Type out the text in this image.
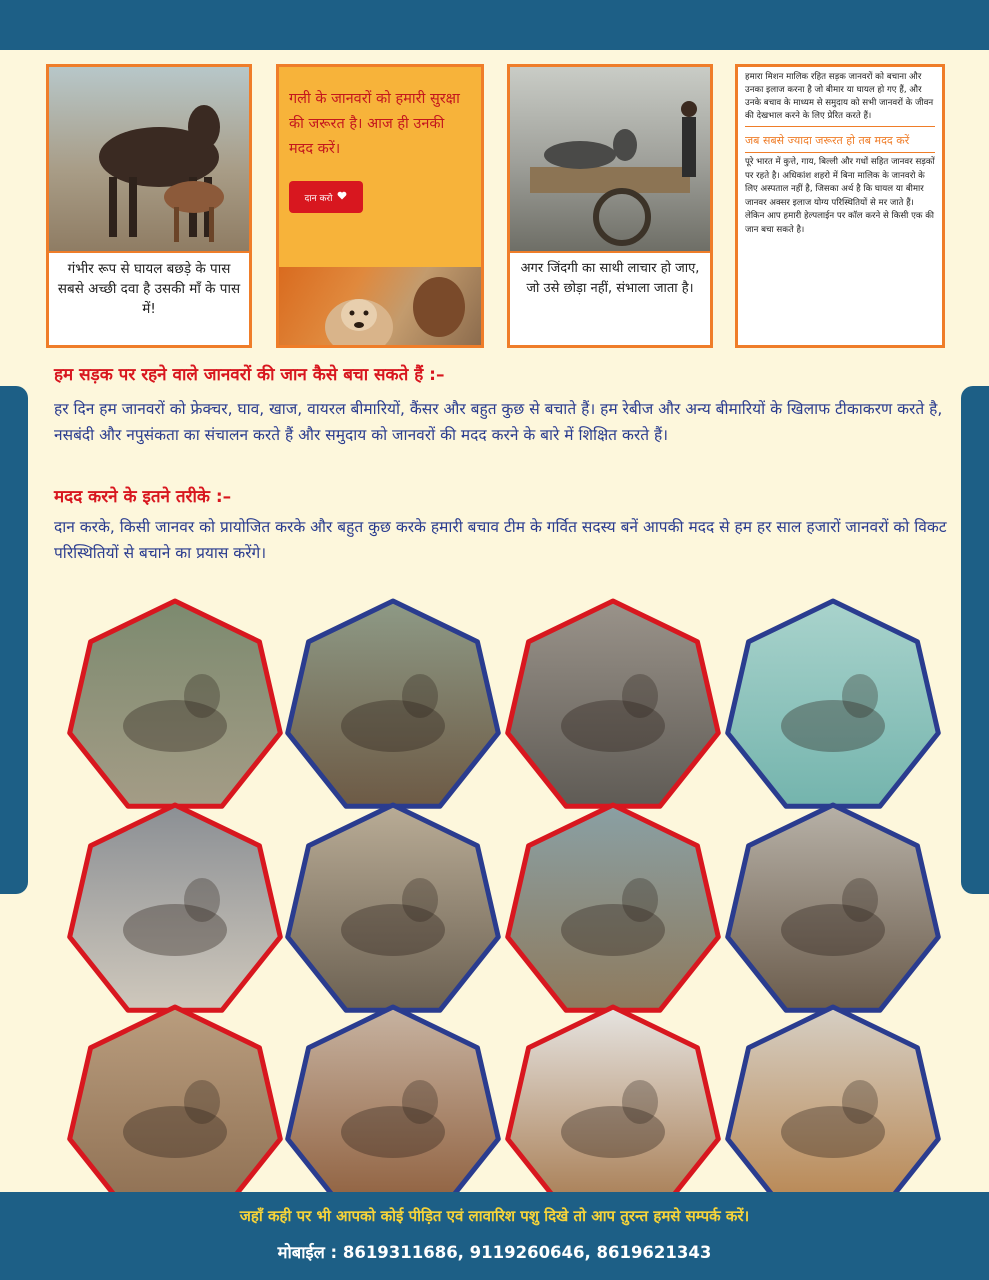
गंभीर रूप से घायल बछड़े के पास सबसे अच्छी दवा है उसकी माँ के पास में!
गली के जानवरों को हमारी सुरक्षा की जरूरत है। आज ही उनकी मदद करें।
दान करो
अगर जिंदगी का साथी लाचार हो जाए, जो उसे छोड़ा नहीं, संभाला जाता है।
हमारा मिशन मालिक रहित सड़क जानवरों को बचाना और उनका इलाज करना है जो बीमार या घायल हो गए हैं, और उनके बचाव के माध्यम से समुदाय को सभी जानवरों के जीवन की देखभाल करने के लिए प्रेरित करते हैं।
जब सबसे ज्यादा जरूरत हो तब मदद करें
पूरे भारत में कुत्ते, गाय, बिल्ली और गधों सहित जानवर सड़कों पर रहते है। अधिकांश शहरो में बिना मालिक के जानवरो के लिए अस्पताल नहीं है, जिसका अर्थ है कि घायल या बीमार जानवर अक्सर इलाज योग्य परिस्थितियों से मर जाते हैं। लेकिन आप हमारी हेल्पलाईन पर कॉल करने से किसी एक की जान बचा सकते है।
हम सड़क पर रहने वाले जानवरों की जान कैसे बचा सकते हैं :–
हर दिन हम जानवरों को फ्रेक्चर, घाव, खाज, वायरल बीमारियों, कैंसर और बहुत कुछ से बचाते हैं। हम रेबीज और अन्य बीमारियों के खिलाफ टीकाकरण करते है, नसबंदी और नपुसंकता का संचालन करते हैं और समुदाय को जानवरों की मदद करने के बारे में शिक्षित करते हैं।
मदद करने के इतने तरीके :–
दान करके, किसी जानवर को प्रायोजित करके और बहुत कुछ करके हमारी बचाव टीम के गर्वित सदस्य बनें आपकी मदद से हम हर साल हजारों जानवरों को विकट परिस्थितियों से बचाने का प्रयास करेंगे।
जहाँ कही पर भी आपको कोई पीड़ित एवं लावारिश पशु दिखे तो आप तुरन्त हमसे सम्पर्क करें।
मोबाईल : 8619311686, 9119260646, 8619621343
